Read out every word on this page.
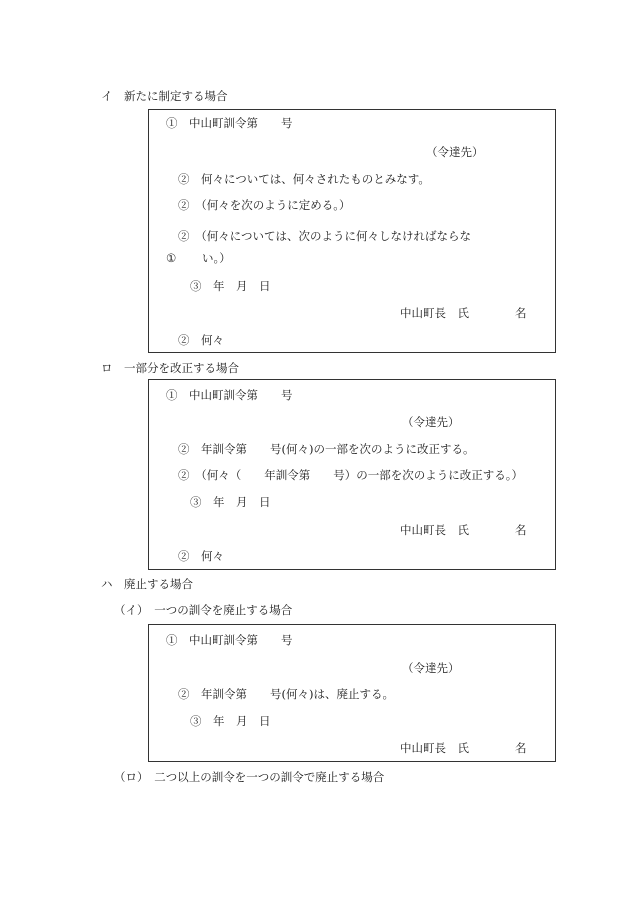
イ　新たに制定する場合
①　中山町訓令第　　号
（令達先）
②　何々については、何々されたものとみなす。
②　（何々を次のように定める。）
②　（何々については、次のように何々しなければならな
① い。）
③　年　月　日
中山町長　氏　　　　名
②　何々
ロ　一部分を改正する場合
①　中山町訓令第　　号
（令達先）
②　年訓令第　　号(何々)の一部を次のように改正する。
②　（何々（　　年訓令第　　号）の一部を次のように改正する。）
③　年　月　日
中山町長　氏　　　　名
②　何々
ハ　廃止する場合
（イ）　一つの訓令を廃止する場合
①　中山町訓令第　　号
（令達先）
②　年訓令第　　号(何々)は、廃止する。
③　年　月　日
中山町長　氏　　　　名
（ロ）　二つ以上の訓令を一つの訓令で廃止する場合
